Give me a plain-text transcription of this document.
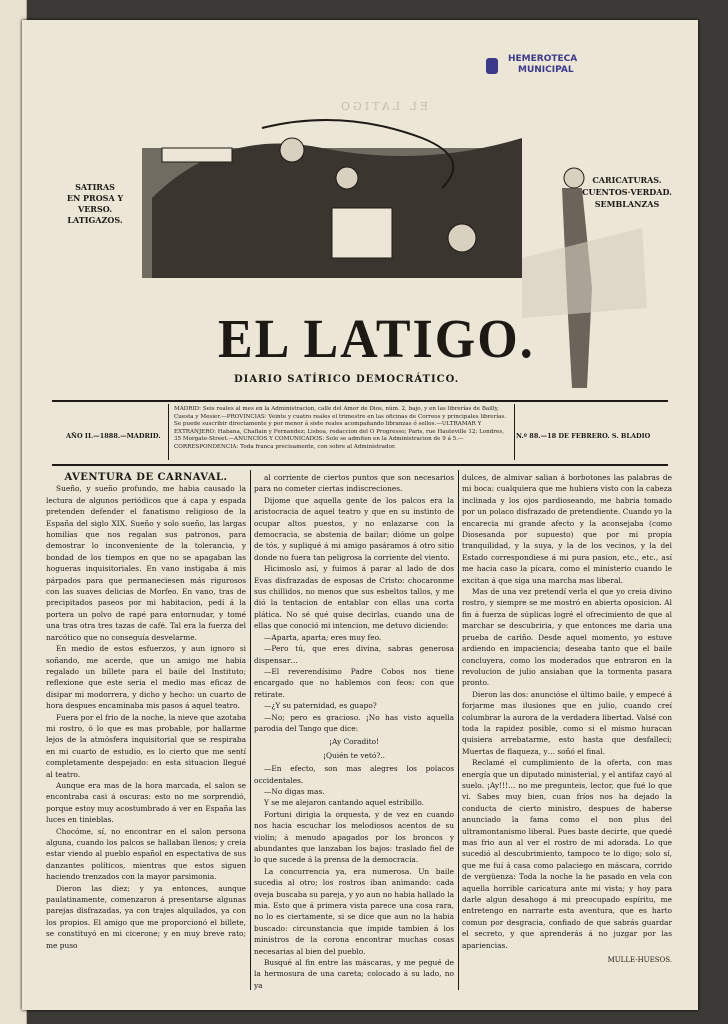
HEMEROTECA
MUNICIPAL
EL LATIGO
SATIRAS
EN PROSA Y VERSO.
LATIGAZOS.
CARICATURAS.
CUENTOS·VERDAD.
SEMBLANZAS
EL LATIGO.
DIARIO SATÍRICO DEMOCRÁTICO.
AÑO II.—1888.—MADRID.
MADRID: Seis reales al mes en la Administracion, calle del Amor de Dios, núm. 2, bajo, y en las librerías de Bailly, Cuesta y Mesier.—PROVINCIAS: Veinte y cuatro reales el trimestre en las oficinas de Correos y principales librerías. Se puede suscribir directamente y por menor á siete reales acompañando libranzas ó sellos.—ULTRAMAR Y EXTRANJERO: Habana, Chaflain y Fernandez; Lisboa, redaccion del O Progresso; Paris, rue Hauteville 12; Londres, 35 Morgate-Street.—ANUNCIOS Y COMUNICADOS: Solo se admiten en la Administracion de 9 á 5.—CORRESPONDENCIA: Toda franca precisamente, con sobre al Administrador.
N.º 88.—18 DE FEBRERO. S. BLADIO

AVENTURA DE CARNAVAL.

Sueño, y sueño profundo, me habia causado la lectura de algunos periódicos que á capa y espada pretenden defender el fanatismo religioso de la España del siglo XIX. Sueño y solo sueño, las largas homilías que nos regalan sus patronos, para demostrar lo inconveniente de la tolerancia, y bondad de los tiempos en que no se apagaban las hogueras inquisitoriales. En vano instigaba á mis párpados para que permaneciesen más rigurosos con las suaves delicias de Morfeo. En vano, tras de precipitados paseos por mi habitacion, pedí á la portera un polvo de rapé para entornudar, y tomé una tras otra tres tazas de café. Tal era la fuerza del narcótico que no conseguía desvelarme.

En medio de estos esfuerzos, y aun ignoro si soñando, me acerde, que un amigo me habia regalado un billete para el baile del Instituto; reflexione que este seria el medio mas eficaz de disipar mi modorrera, y dicho y hecho: un cuarto de hora despues encaminaba mis pasos á aquel teatro.

Fuera por el frio de la noche, la nieve que azotaba mi rostro, ó lo que es mas probable, por hallarme lejos de la atmósfera inquisitorial que se respiraba en mi cuarto de estudio, es lo cierto que me sentí completamente despejado: en esta situacion llegué al teatro.

Aunque era mas de la hora marcada, el salon se encontraba casi á oscuras: esto no me sorprendió, porque estoy muy acostumbrado á ver en España las luces en tinieblas.

Chocóme, sí, no encontrar en el salon persona alguna, cuando los palcos se hallaban llenos; y creia estar viendo al pueblo español en espectativa de sus danzantes políticos, mientras que estos siguen haciendo trenzados con la mayor parsimonia.

Dieron las diez; y ya entonces, aunque paulatinamente, comenzaron á presentarse algunas parejas disfrazadas, ya con trajes alquilados, ya con los propios. El amigo que me proporcionó el billete, se constituyó en mi cicerone; y en muy breve rato; me puso

al corriente de ciertos puntos que son necesarios para no cometer ciertas indiscreciones.

Dijome que aquella gente de los palcos era la aristocracia de aquel teatro y que en su instinto de ocupar altos puestos, y no enlazarse con la democracia, se abstenia de bailar; dióme un golpe de tós, y supliqué á mi amigo pasáramos á otro sitio donde no fuera tan peligrosa la corriente del viento.

Hicimoslo así, y fuimos á parar al lado de dos Evas disfrazadas de esposas de Cristo: chocaronme sus chillidos, no menos que sus esbeltos tallos, y me dió la tentacion de entablar con ellas una corta plática. No sé qué quise decirlas, cuando una de ellas que conoció mi intencion, me detuvo diciendo:

—Aparta, aparta; eres muy feo.

—Pero tú, que eres divina, sabras generosa dispensar…

—El reverendísimo Padre Cobos nos tiene encargado que no hablemos con feos: con que retirate.

—¿Y su paternidad, es guapo?

—No; pero es gracioso. ¡No has visto aquella parodia del Tango que dice:

¡Ay Coradito!

¡Quién te vetó?..

—En efecto, son mas alegres los polacos occidentales.

—No digas mas.

Y se me alejaron cantando aquel estribillo.

Fortuni dirigia la orquesta, y de vez en cuando nos hacia escuchar los melodiosos acentos de su violin; á menudo apagados por los broncos y abundantes que lanzaban los bajos: traslado fiel de lo que sucede á la prensa de la democracia.

La concurrencia ya, era numerosa. Un baile sucedia al otro; los rostros iban animando: cada oveja buscaba su pareja, y yo aun no habia hallado la mia. Esto que á primera vista parece una cosa rara, no lo es ciertamente, si se dice que aun no la habia buscado: circunstancia que impide tambien á los ministros de la corona encontrar muchas cosas necesarias al bien del pueblo.

Busqué al fin entre las máscaras, y me pegué de la hermosura de una careta; colocado á su lado, no ya

dulces, de almivar salian á borbotones las palabras de mi boca: cualquiera que me hubiera visto con la cabeza inclinada y los ojos pardioseando, me habria tomado por un polaco disfrazado de pretendiente. Cuando yo la encarecia mi grande afecto y la aconsejaba (como Diosesanda por supuesto) que por mi propia tranquilidad, y la suya, y la de los vecinos, y la del Estado correspondiese á mi pura pasion, etc., etc., así me hacia caso la pícara, como el ministerio cuando le excitan á que siga una marcha mas liberal.

Mas de una vez pretendí verla el que yo creia divino rostro, y siempre se me mostró en abierta oposicion. Al fin á fuerza de súplicas logré el ofrecimiento de que al marchar se descubriria, y que entonces me daria una prueba de cariño. Desde aquel momento, yo estuve ardiendo en impaciencia; deseaba tanto que el baile concluyera, como los moderados que entraron en la revolucion de julio ansiaban que la tormenta pasara pronto.

Dieron las dos: anuncióse el último baile, y empecé á forjarme mas ilusiones que en julio, cuando creí columbrar la aurora de la verdadera libertad. Valsé con toda la rapidez posible, como si el mismo huracan quisiera arrebatarme, esto hasta que desfallecí; Muertas de flaqueza, y… soñó el final.

Reclamé el cumplimiento de la oferta, con mas energía que un diputado ministerial, y el antifaz cayó al suelo. ¡Ay!!!… no me pregunteis, lector, que fué lo que vi. Sabes muy bien, cuan fríos nos ha dejado la conducta de cierto ministro, despues de haberse anunciado la fama como el non plus del ultramontanismo liberal. Pues baste decirte, que quedé mas frio aun al ver el rostro de mi adorada. Lo que sucedió al descubrimiento, tampoco te lo digo; solo sí, que me fuí á casa como palaciego en máscara, corrido de vergüenza: Toda la noche la he pasado en vela con aquella horrible caricatura ante mi vista; y hoy para darle algun desahogo á mi preocupado espíritu, me entretengo en narrarte esta aventura, que es harto comun por desgracia, confiado de que sabrás guardar el secreto, y que aprenderás á no juzgar por las apariencias.

MULLE-HUESOS.
